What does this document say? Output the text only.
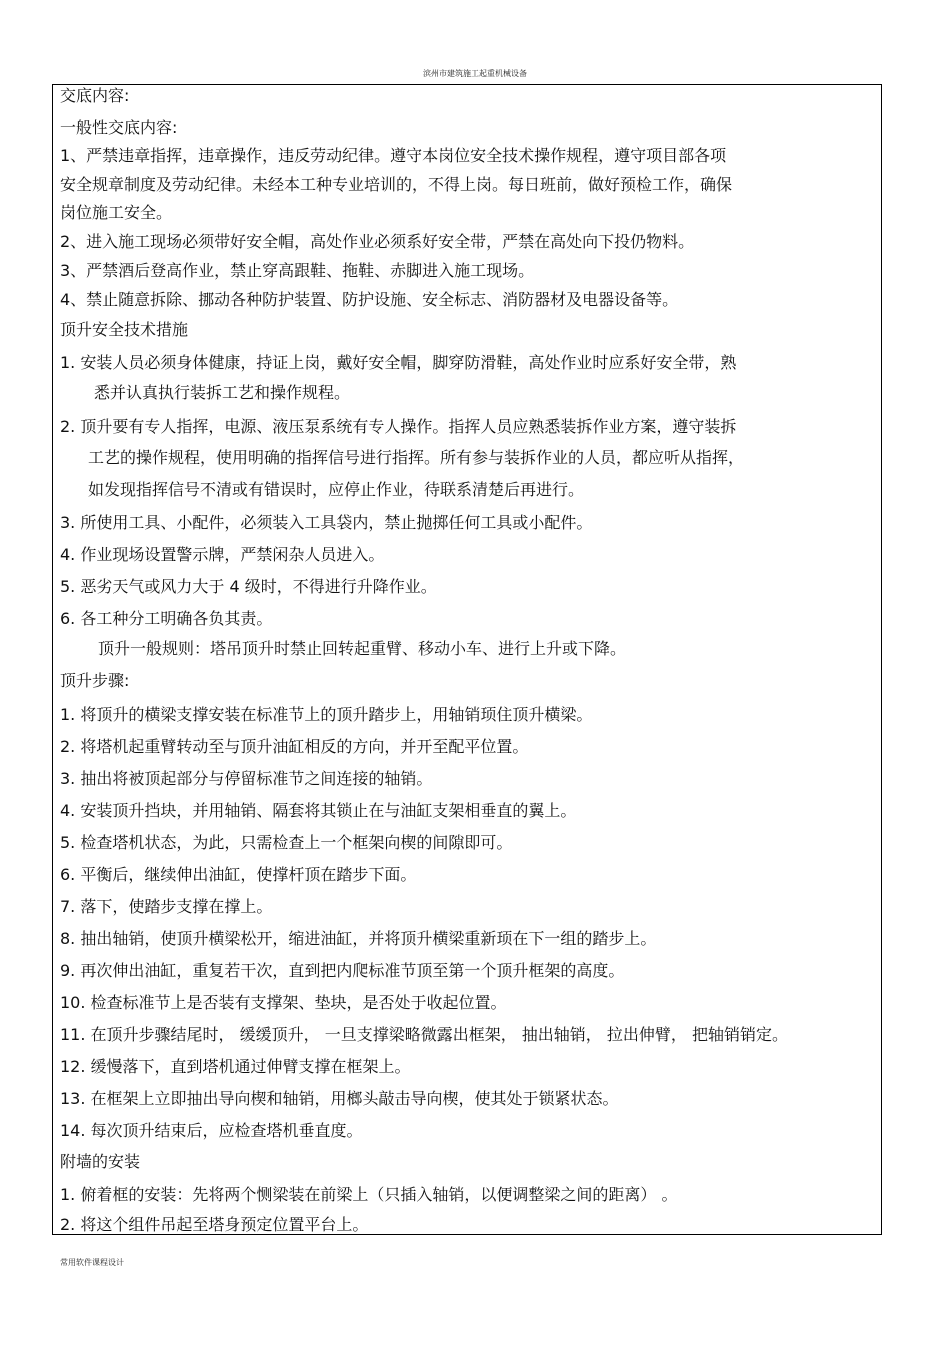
滨州市建筑施工起重机械设备
交底内容:
一般性交底内容:
1、严禁违章指挥，违章操作，违反劳动纪律。遵守本岗位安全技术操作规程，遵守项目部各项
安全规章制度及劳动纪律。未经本工种专业培训的，不得上岗。每日班前，做好预检工作，确保
岗位施工安全。
2、进入施工现场必须带好安全帽，高处作业必须系好安全带，严禁在高处向下投仍物料。
3、严禁酒后登高作业，禁止穿高跟鞋、拖鞋、赤脚进入施工现场。
4、禁止随意拆除、挪动各种防护装置、防护设施、安全标志、消防器材及电器设备等。
顶升安全技术措施
1. 安装人员必须身体健康，持证上岗，戴好安全帽，脚穿防滑鞋，高处作业时应系好安全带，熟
悉并认真执行装拆工艺和操作规程。
2. 顶升要有专人指挥，电源、液压泵系统有专人操作。指挥人员应熟悉装拆作业方案，遵守装拆
工艺的操作规程，使用明确的指挥信号进行指挥。所有参与装拆作业的人员，都应听从指挥，
如发现指挥信号不清或有错误时，应停止作业，待联系清楚后再进行。
3. 所使用工具、小配件，必须装入工具袋内，禁止抛掷任何工具或小配件。
4. 作业现场设置警示牌，严禁闲杂人员进入。
5. 恶劣天气或风力大于 4 级时，不得进行升降作业。
6. 各工种分工明确各负其责。
顶升一般规则：塔吊顶升时禁止回转起重臂、移动小车、进行上升或下降。
顶升步骤:
1. 将顶升的横梁支撑安装在标准节上的顶升踏步上，用轴销顼住顶升横梁。
2. 将塔机起重臂转动至与顶升油缸相反的方向，并开至配平位置。
3. 抽出将被顶起部分与停留标准节之间连接的轴销。
4. 安装顶升挡块，并用轴销、隔套将其锁止在与油缸支架相垂直的翼上。
5. 检查塔机状态，为此，只需检查上一个框架向楔的间隙即可。
6. 平衡后，继续伸出油缸，使撑杆顶在踏步下面。
7. 落下，使踏步支撑在撑上。
8. 抽出轴销，使顶升横梁松开，缩进油缸，并将顶升横梁重新顼在下一组的踏步上。
9. 再次伸出油缸，重复若干次，直到把内爬标准节顶至第一个顶升框架的高度。
10. 检查标准节上是否装有支撑架、垫块，是否处于收起位置。
11. 在顶升步骤结尾时， 缓缓顶升， 一旦支撑梁略微露出框架， 抽出轴销， 拉出伸臂， 把轴销销定。
12. 缓慢落下，直到塔机通过伸臂支撑在框架上。
13. 在框架上立即抽出导向楔和轴销，用榔头敲击导向楔，使其处于锁紧状态。
14. 每次顶升结束后，应检查塔机垂直度。
附墙的安装
1. 俯着框的安装：先将两个恻梁装在前梁上（只插入轴销，以便调整梁之间的距离） 。
2. 将这个组件吊起至塔身预定位置平台上。
常用软件课程设计
